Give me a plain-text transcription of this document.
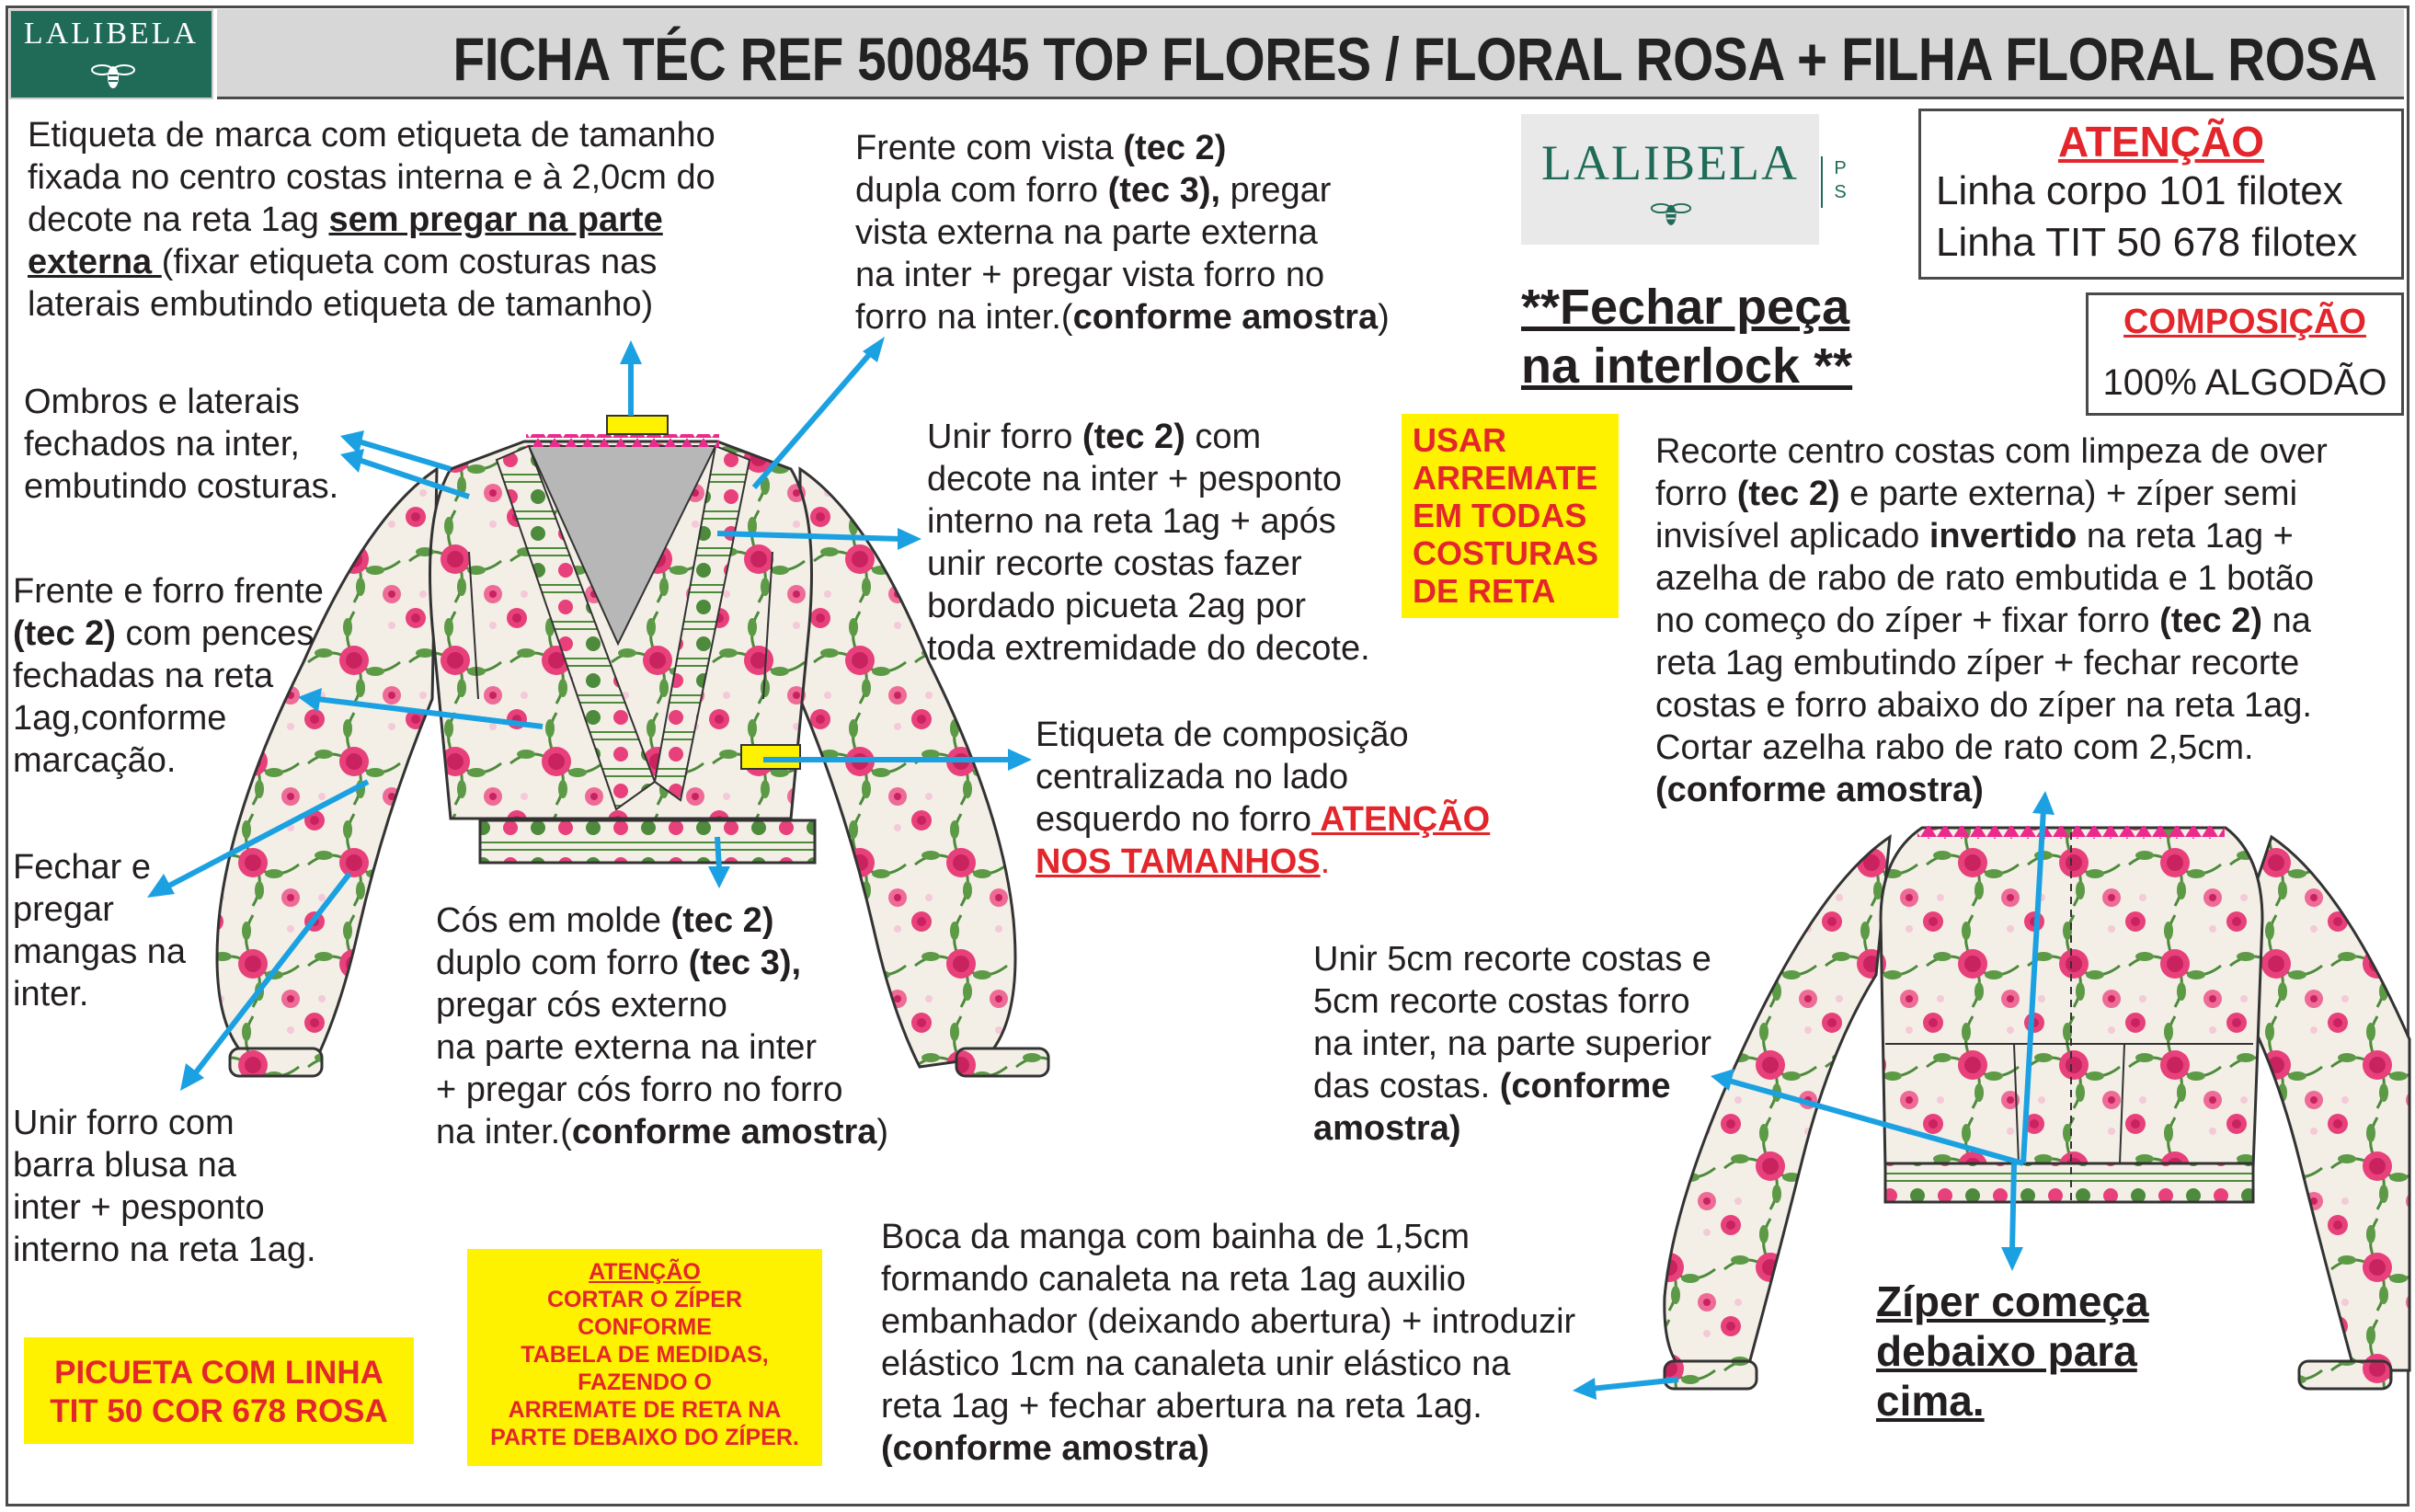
LALIBELA	FICHA TÉC REF 500845 TOP FLORES / FLORAL ROSA + FILHA FLORAL ROSA
LALIBELA	P
S
ATENÇÃO
Linha corpo 101 filotex
Linha TIT 50 678 filotex
COMPOSIÇÃO
100% ALGODÃO
**Fechar peça
na interlock **
USAR
ARREMATE
EM TODAS
COSTURAS
DE RETA
PICUETA COM LINHA
TIT 50 COR 678 ROSA
ATENÇÃO
CORTAR O ZÍPER
CONFORME
TABELA DE MEDIDAS,
FAZENDO O
ARREMATE DE RETA NA
PARTE DEBAIXO DO ZÍPER.
Etiqueta de marca com etiqueta de tamanho
fixada no centro costas interna e à 2,0cm do
decote na reta 1ag sem pregar na parte
externa (fixar etiqueta com costuras nas
laterais embutindo etiqueta de tamanho)
Frente com vista (tec 2)
dupla com forro (tec 3), pregar
vista externa na parte externa
na inter + pregar vista forro no
forro na inter.(conforme amostra)
Ombros e laterais
fechados na inter,
embutindo costuras.
Unir forro (tec 2) com
decote na inter + pesponto
interno na reta 1ag + após
unir recorte costas fazer
bordado picueta 2ag por
toda extremidade do decote.
Recorte centro costas com limpeza de over
forro (tec 2) e parte externa) + zíper semi
invisível aplicado invertido na reta 1ag +
azelha de rabo de rato embutida e 1 botão
no começo do zíper + fixar forro (tec 2) na
reta 1ag embutindo zíper + fechar recorte
costas e forro abaixo do zíper na reta 1ag.
Cortar azelha rabo de rato com 2,5cm.
(conforme amostra)
Frente e forro frente
(tec 2) com pences
fechadas na reta
1ag,conforme
marcação.
Etiqueta de composição
centralizada no lado
esquerdo no forro ATENÇÃO
NOS TAMANHOS.
Fechar e
pregar
mangas na
inter.
Cós em molde (tec 2)
duplo com forro (tec 3),
pregar cós externo
na parte externa na inter
+ pregar cós forro no forro
na inter.(conforme amostra)
Unir 5cm recorte costas e
5cm recorte costas forro
na inter, na parte superior
das costas. (conforme
amostra)
Unir forro com
barra blusa na
inter + pesponto
interno na reta 1ag.	Boca da manga com bainha de 1,5cm
formando canaleta na reta 1ag auxilio
embanhador (deixando abertura) + introduzir
elástico 1cm na canaleta unir elástico na
reta 1ag + fechar abertura na reta 1ag.
(conforme amostra)
Zíper começa
debaixo para
cima.
